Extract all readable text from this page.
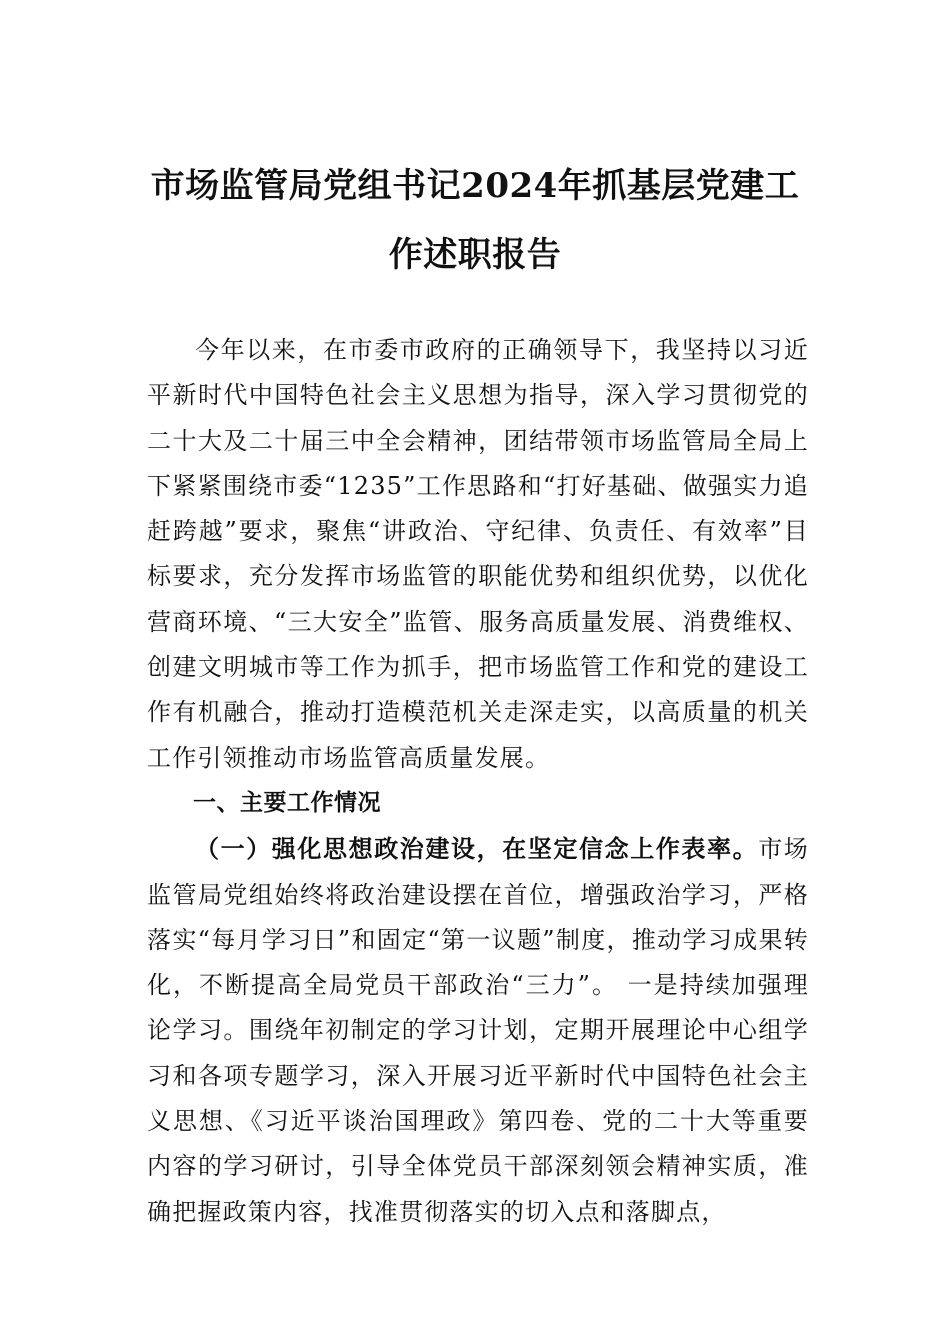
市场监管局党组书记2024年抓基层党建工
作述职报告

今年以来，在市委市政府的正确领导下，我坚持以习近平新时代中国特色社会主义思想为指导，深入学习贯彻党的二十大及二十届三中全会精神，团结带领市场监管局全局上下紧紧围绕市委“1235”工作思路和“打好基础、做强实力追赶跨越”要求，聚焦“讲政治、守纪律、负责任、有效率”目标要求，充分发挥市场监管的职能优势和组织优势，以优化营商环境、“三大安全”监管、服务高质量发展、消费维权、创建文明城市等工作为抓手，把市场监管工作和党的建设工作有机融合，推动打造模范机关走深走实，以高质量的机关工作引领推动市场监管高质量发展。

一、主要工作情况

（一）强化思想政治建设，在坚定信念上作表率。市场监管局党组始终将政治建设摆在首位，增强政治学习，严格落实“每月学习日”和固定“第一议题”制度，推动学习成果转化，不断提高全局党员干部政治“三力”。 一是持续加强理论学习。围绕年初制定的学习计划，定期开展理论中心组学习和各项专题学习，深入开展习近平新时代中国特色社会主义思想、《习近平谈治国理政》第四卷、党的二十大等重要内容的学习研讨，引导全体党员干部深刻领会精神实质，准确把握政策内容，找准贯彻落实的切入点和落脚点，
